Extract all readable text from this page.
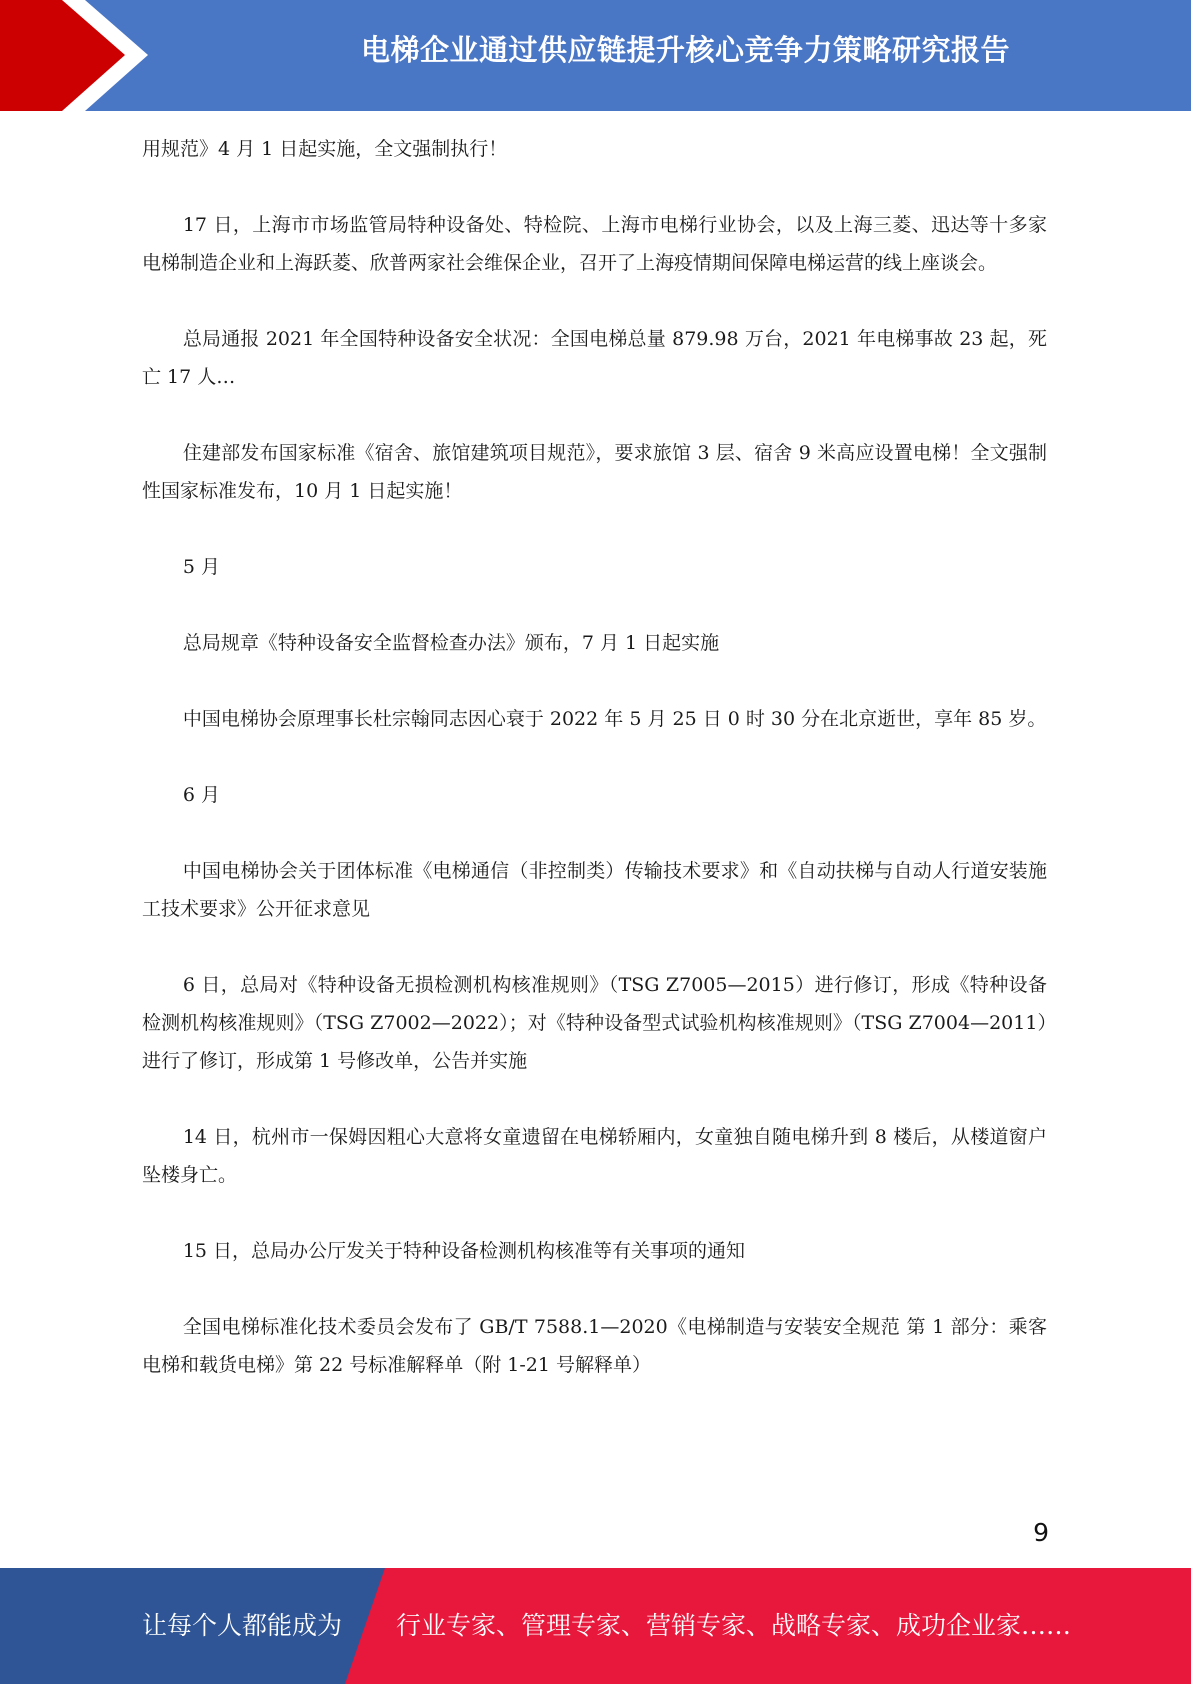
电梯企业通过供应链提升核心竞争力策略研究报告

用规范》4 月 1 日起实施，全文强制执行！

17 日，上海市市场监管局特种设备处、特检院、上海市电梯行业协会，以及上海三菱、迅达等十多家电梯制造企业和上海跃菱、欣普两家社会维保企业，召开了上海疫情期间保障电梯运营的线上座谈会。

总局通报 2021 年全国特种设备安全状况：全国电梯总量 879.98 万台，2021 年电梯事故 23 起，死亡 17 人…

住建部发布国家标准《宿舍、旅馆建筑项目规范》，要求旅馆 3 层、宿舍 9 米高应设置电梯！全文强制性国家标准发布，10 月 1 日起实施！

5 月

总局规章《特种设备安全监督检查办法》颁布，7 月 1 日起实施

中国电梯协会原理事长杜宗翰同志因心衰于 2022 年 5 月 25 日 0 时 30 分在北京逝世，享年 85 岁。

6 月

中国电梯协会关于团体标准《电梯通信（非控制类）传输技术要求》和《自动扶梯与自动人行道安装施工技术要求》公开征求意见

6 日，总局对《特种设备无损检测机构核准规则》（TSG Z7005—2015）进行修订，形成《特种设备检测机构核准规则》（TSG Z7002—2022）；对《特种设备型式试验机构核准规则》（TSG Z7004—2011）进行了修订，形成第 1 号修改单，公告并实施

14 日，杭州市一保姆因粗心大意将女童遗留在电梯轿厢内，女童独自随电梯升到 8 楼后，从楼道窗户坠楼身亡。

15 日，总局办公厅发关于特种设备检测机构核准等有关事项的通知

全国电梯标准化技术委员会发布了 GB/T 7588.1—2020《电梯制造与安装安全规范 第 1 部分：乘客电梯和载货电梯》第 22 号标准解释单（附 1-21 号解释单）

9
让每个人都能成为 行业专家、管理专家、营销专家、战略专家、成功企业家……
